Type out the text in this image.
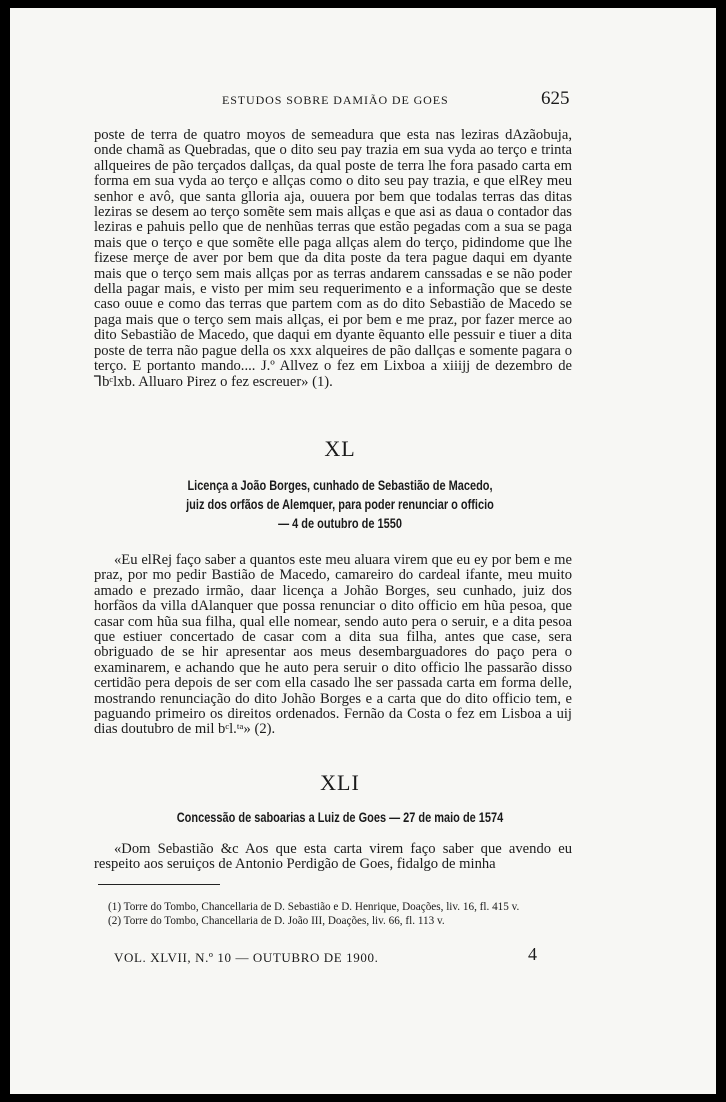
ESTUDOS SOBRE DAMIÃO DE GOES	625

poste de terra de quatro moyos de semeadura que esta nas leziras dAzãobuja, onde chamã as Quebradas, que o dito seu pay trazia em sua vyda ao terço e trinta allqueires de pão terçados dallças, da qual poste de terra lhe fora pasado carta em forma em sua vyda ao terço e allças como o dito seu pay trazia, e que elRey meu senhor e avô, que santa glloria aja, ouuera por bem que todalas terras das ditas leziras se desem ao terço somẽte sem mais allças e que asi as daua o contador das leziras e pahuis pello que de nenhũas terras que estão pegadas com a sua se paga mais que o terço e que somẽte elle paga allças alem do terço, pidindome que lhe fizese merçe de aver por bem que da dita poste da tera pague daqui em dyante mais que o terço sem mais allças por as terras andarem canssadas e se não poder della pagar mais, e visto per mim seu requerimento e a informação que se deste caso ouue e como das terras que partem com as do dito Sebastião de Macedo se paga mais que o terço sem mais allças, ei por bem e me praz, por fazer merce ao dito Sebastião de Macedo, que daqui em dyante ẽquanto elle pessuir e tiuer a dita poste de terra não pague della os xxx alqueires de pão dallças e somente pagara o terço. E portanto mando.... J.º Allvez o fez em Lixboa a xiiijj de dezembro de ⅂bᶜlxb. Alluaro Pirez o fez escreuer» (1).

XL
Licença a João Borges, cunhado de Sebastião de Macedo,
juiz dos orfãos de Alemquer, para poder renunciar o officio
— 4 de outubro de 1550

«Eu elRej faço saber a quantos este meu aluara virem que eu ey por bem e me praz, por mo pedir Bastião de Macedo, camareiro do cardeal ifante, meu muito amado e prezado irmão, daar licença a Johão Borges, seu cunhado, juiz dos horfãos da villa dAlanquer que possa renunciar o dito officio em hũa pesoa, que casar com hũa sua filha, qual elle nomear, sendo auto pera o seruir, e a dita pesoa que estiuer concertado de casar com a dita sua filha, antes que case, sera obriguado de se hir apresentar aos meus desembarguadores do paço pera o examinarem, e achando que he auto pera seruir o dito officio lhe passarão disso certidão pera depois de ser com ella casado lhe ser passada carta em forma delle, mostrando renunciação do dito Johão Borges e a carta que do dito officio tem, e paguando primeiro os direitos ordenados. Fernão da Costa o fez em Lisboa a uij dias doutubro de mil bᶜl.ᵗᵃ» (2).

XLI
Concessão de saboarias a Luiz de Goes — 27 de maio de 1574

«Dom Sebastião &c Aos que esta carta virem faço saber que avendo eu respeito aos seruiços de Antonio Perdigão de Goes, fidalgo de minha

(1) Torre do Tombo, Chancellaria de D. Sebastião e D. Henrique, Doações, liv. 16, fl. 415 v.

(2) Torre do Tombo, Chancellaria de D. João III, Doações, liv. 66, fl. 113 v.

VOL. XLVII, N.º 10 — OUTUBRO DE 1900.	4
